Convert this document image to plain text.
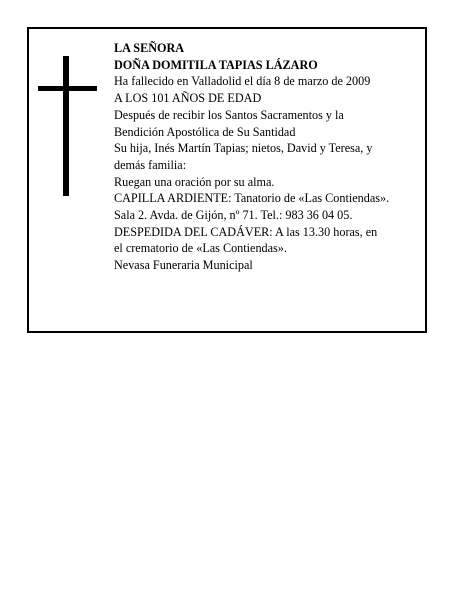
LA SEÑORA
DOÑA DOMITILA TAPIAS LÁZARO
Ha fallecido en Valladolid el día 8 de marzo de 2009
A LOS 101 AÑOS DE EDAD
Después de recibir los Santos Sacramentos y la
Bendición Apostólica de Su Santidad
Su hija, Inés Martín Tapias; nietos, David y Teresa, y
demás familia:
Ruegan una oración por su alma.
CAPILLA ARDIENTE: Tanatorio de «Las Contiendas».
Sala 2. Avda. de Gijón, nº 71. Tel.: 983 36 04 05.
DESPEDIDA DEL CADÁVER: A las 13.30 horas, en
el crematorio de «Las Contiendas».
Nevasa Funeraria Municipal
